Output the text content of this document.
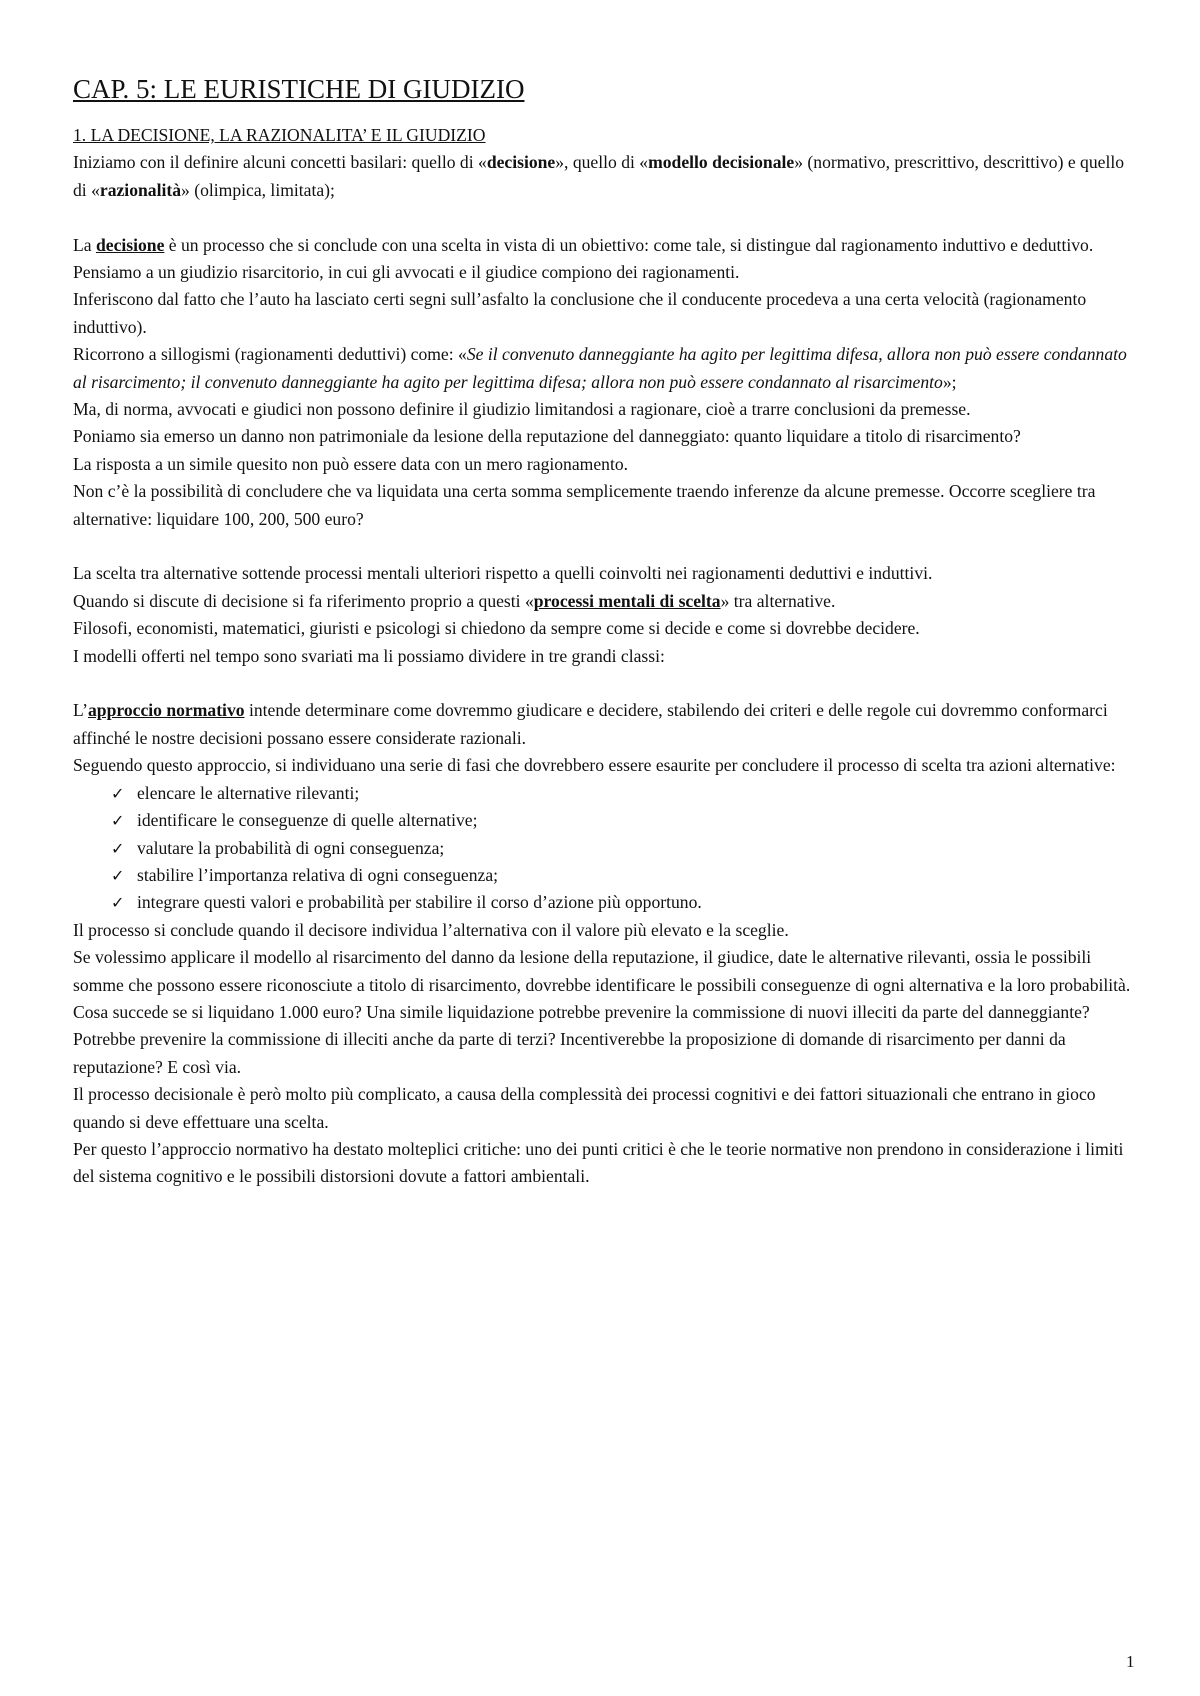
CAP. 5: LE EURISTICHE DI GIUDIZIO

1. LA DECISIONE, LA RAZIONALITA’ E IL GIUDIZIO

Iniziamo con il definire alcuni concetti basilari: quello di «decisione», quello di «modello decisionale» (normativo, prescrittivo, descrittivo) e quello di «razionalità» (olimpica, limitata);

La decisione è un processo che si conclude con una scelta in vista di un obiettivo: come tale, si distingue dal ragionamento induttivo e deduttivo.

Pensiamo a un giudizio risarcitorio, in cui gli avvocati e il giudice compiono dei ragionamenti.

Inferiscono dal fatto che l’auto ha lasciato certi segni sull’asfalto la conclusione che il conducente procedeva a una certa velocità (ragionamento induttivo).

Ricorrono a sillogismi (ragionamenti deduttivi) come: «Se il convenuto danneggiante ha agito per legittima difesa, allora non può essere condannato al risarcimento; il convenuto danneggiante ha agito per legittima difesa; allora non può essere condannato al risarcimento»;

Ma, di norma, avvocati e giudici non possono definire il giudizio limitandosi a ragionare, cioè a trarre conclusioni da premesse.

Poniamo sia emerso un danno non patrimoniale da lesione della reputazione del danneggiato: quanto liquidare a titolo di risarcimento?

La risposta a un simile quesito non può essere data con un mero ragionamento.

Non c’è la possibilità di concludere che va liquidata una certa somma semplicemente traendo inferenze da alcune premesse. Occorre scegliere tra alternative: liquidare 100, 200, 500 euro?

La scelta tra alternative sottende processi mentali ulteriori rispetto a quelli coinvolti nei ragionamenti deduttivi e induttivi.

Quando si discute di decisione si fa riferimento proprio a questi «processi mentali di scelta» tra alternative.

Filosofi, economisti, matematici, giuristi e psicologi si chiedono da sempre come si decide e come si dovrebbe decidere.

I modelli offerti nel tempo sono svariati ma li possiamo dividere in tre grandi classi:

L’approccio normativo intende determinare come dovremmo giudicare e decidere, stabilendo dei criteri e delle regole cui dovremmo conformarci affinché le nostre decisioni possano essere considerate razionali.

Seguendo questo approccio, si individuano una serie di fasi che dovrebbero essere esaurite per concludere il processo di scelta tra azioni alternative:

✓ elencare le alternative rilevanti;
✓ identificare le conseguenze di quelle alternative;
✓ valutare la probabilità di ogni conseguenza;
✓ stabilire l’importanza relativa di ogni conseguenza;
✓ integrare questi valori e probabilità per stabilire il corso d’azione più opportuno.

Il processo si conclude quando il decisore individua l’alternativa con il valore più elevato e la sceglie.

Se volessimo applicare il modello al risarcimento del danno da lesione della reputazione, il giudice, date le alternative rilevanti, ossia le possibili somme che possono essere riconosciute a titolo di risarcimento, dovrebbe identificare le possibili conseguenze di ogni alternativa e la loro probabilità.

Cosa succede se si liquidano 1.000 euro? Una simile liquidazione potrebbe prevenire la commissione di nuovi illeciti da parte del danneggiante? Potrebbe prevenire la commissione di illeciti anche da parte di terzi? Incentiverebbe la proposizione di domande di risarcimento per danni da reputazione? E così via.

Il processo decisionale è però molto più complicato, a causa della complessità dei processi cognitivi e dei fattori situazionali che entrano in gioco quando si deve effettuare una scelta.

Per questo l’approccio normativo ha destato molteplici critiche: uno dei punti critici è che le teorie normative non prendono in considerazione i limiti del sistema cognitivo e le possibili distorsioni dovute a fattori ambientali.

1
